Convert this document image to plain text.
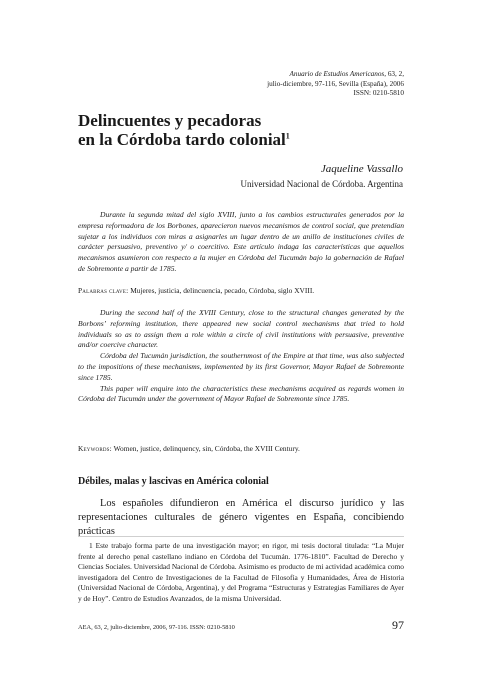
Anuario de Estudios Americanos, 63, 2,
julio-diciembre, 97-116, Sevilla (España), 2006
ISSN: 0210-5810
Delincuentes y pecadoras
en la Córdoba tardo colonial$^1$
Jaqueline Vassallo
Universidad Nacional de Córdoba. Argentina

Durante la segunda mitad del siglo XVIII, junto a los cambios estructurales generados por la empresa reformadora de los Borbones, aparecieron nuevos mecanismos de control social, que pretendían sujetar a los individuos con miras a asignarles un lugar dentro de un anillo de instituciones civiles de carácter persuasivo, preventivo y/ o coercitivo. Este artículo indaga las características que aquellos mecanismos asumieron con respecto a la mujer en Córdoba del Tucumán bajo la gobernación de Rafael de Sobremonte a partir de 1785.

Palabras clave: Mujeres, justicia, delincuencia, pecado, Córdoba, siglo XVIII.

During the second half of the XVIII Century, close to the structural changes generated by the Borbons’ reforming institution, there appeared new social control mechanisms that tried to hold individuals so as to assign them a role within a circle of civil institutions with persuasive, preventive and/or coercive character.

Córdoba del Tucumán jurisdiction, the southernmost of the Empire at that time, was also subjected to the impositions of these mechanisms, implemented by its first Governor, Mayor Rafael de Sobremonte since 1785.

This paper will enquire into the characteristics these mechanisms acquired as regards women in Córdoba del Tucumán under the government of Mayor Rafael de Sobremonte since 1785.

Keywords: Women, justice, delinquency, sin, Córdoba, the XVIII Century.

Débiles, malas y lascivas en América colonial

Los españoles difundieron en América el discurso jurídico y las representaciones culturales de género vigentes en España, concibiendo prácticas

1 Este trabajo forma parte de una investigación mayor; en rigor, mi tesis doctoral titulada: “La Mujer frente al derecho penal castellano indiano en Córdoba del Tucumán. 1776-1810”. Facultad de Derecho y Ciencias Sociales. Universidad Nacional de Córdoba. Asimismo es producto de mi actividad académica como investigadora del Centro de Investigaciones de la Facultad de Filosofía y Humanidades, Área de Historia (Universidad Nacional de Córdoba, Argentina), y del Programa “Estructuras y Estrategias Familiares de Ayer y de Hoy”. Centro de Estudios Avanzados, de la misma Universidad.

AEA, 63, 2, julio-diciembre, 2006, 97-116. ISSN: 0210-5810	97
